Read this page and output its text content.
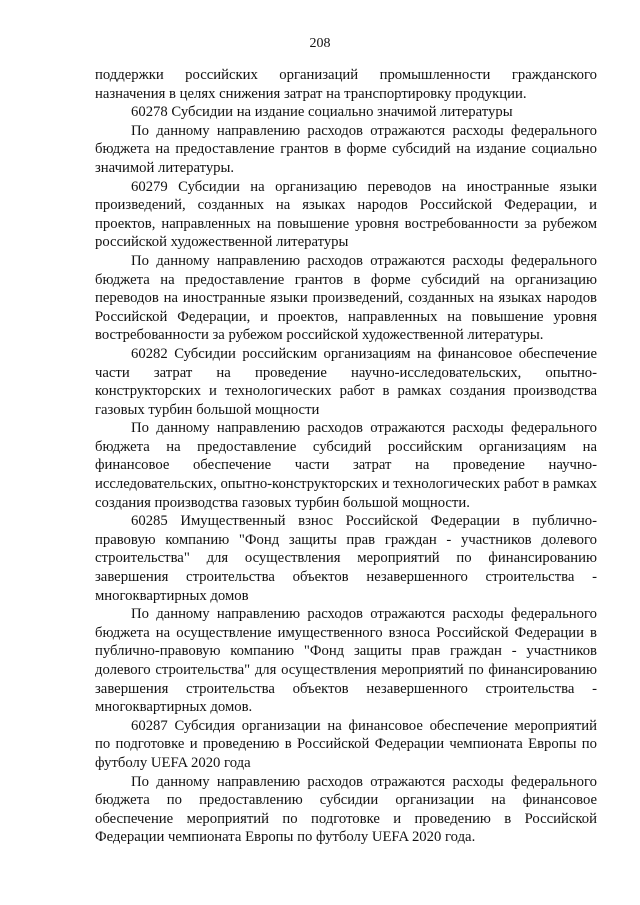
208

поддержки российских организаций промышленности гражданского назначения в целях снижения затрат на транспортировку продукции.

60278 Субсидии на издание социально значимой литературы

По данному направлению расходов отражаются расходы федерального бюджета на предоставление грантов в форме субсидий на издание социально значимой литературы.

60279 Субсидии на организацию переводов на иностранные языки произведений, созданных на языках народов Российской Федерации, и проектов, направленных на повышение уровня востребованности за рубежом российской художественной литературы

По данному направлению расходов отражаются расходы федерального бюджета на предоставление грантов в форме субсидий на организацию переводов на иностранные языки произведений, созданных на языках народов Российской Федерации, и проектов, направленных на повышение уровня востребованности за рубежом российской художественной литературы.

60282 Субсидии российским организациям на финансовое обеспечение части затрат на проведение научно-исследовательских, опытно-конструкторских и технологических работ в рамках создания производства газовых турбин большой мощности

По данному направлению расходов отражаются расходы федерального бюджета на предоставление субсидий российским организациям на финансовое обеспечение части затрат на проведение научно-исследовательских, опытно-конструкторских и технологических работ в рамках создания производства газовых турбин большой мощности.

60285 Имущественный взнос Российской Федерации в публично-правовую компанию "Фонд защиты прав граждан - участников долевого строительства" для осуществления мероприятий по финансированию завершения строительства объектов незавершенного строительства - многоквартирных домов

По данному направлению расходов отражаются расходы федерального бюджета на осуществление имущественного взноса Российской Федерации в публично-правовую компанию "Фонд защиты прав граждан - участников долевого строительства" для осуществления мероприятий по финансированию завершения строительства объектов незавершенного строительства - многоквартирных домов.

60287 Субсидия организации на финансовое обеспечение мероприятий по подготовке и проведению в Российской Федерации чемпионата Европы по футболу UEFA 2020 года

По данному направлению расходов отражаются расходы федерального бюджета по предоставлению субсидии организации на финансовое обеспечение мероприятий по подготовке и проведению в Российской Федерации чемпионата Европы по футболу UEFA 2020 года.
